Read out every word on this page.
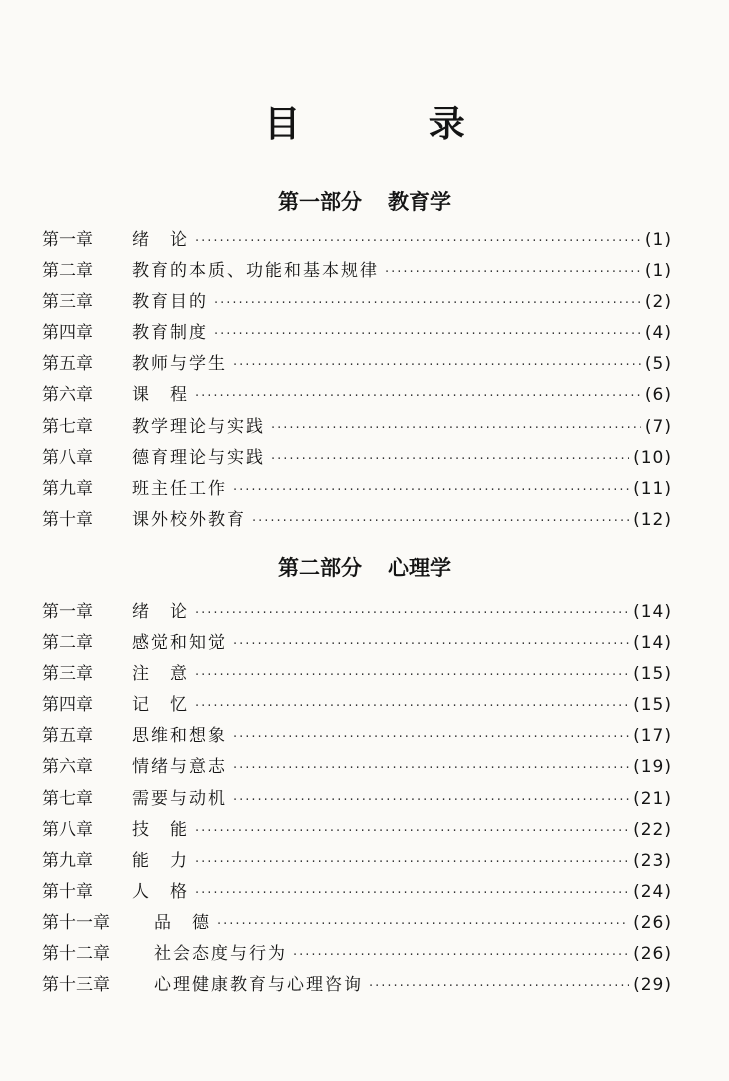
目 录
第一部分 教育学
第一章	绪　论 ·····	(1)
第二章	教育的本质、功能和基本规律 ·····	(1)
第三章	教育目的 ·····	(2)
第四章	教育制度 ·····	(4)
第五章	教师与学生 ·····	(5)
第六章	课　程 ·····	(6)
第七章	教学理论与实践 ·····	(7)
第八章	德育理论与实践 ·····	(10)
第九章	班主任工作 ·····	(11)
第十章	课外校外教育 ·····	(12)
第二部分 心理学
第一章	绪　论 ·····	(14)
第二章	感觉和知觉 ·····	(14)
第三章	注　意 ·····	(15)
第四章	记　忆 ·····	(15)
第五章	思维和想象 ·····	(17)
第六章	情绪与意志 ·····	(19)
第七章	需要与动机 ·····	(21)
第八章	技　能 ·····	(22)
第九章	能　力 ·····	(23)
第十章	人　格 ·····	(24)
第十一章	品　德 ·····	(26)
第十二章	社会态度与行为 ·····	(26)
第十三章	心理健康教育与心理咨询 ·····	(29)
